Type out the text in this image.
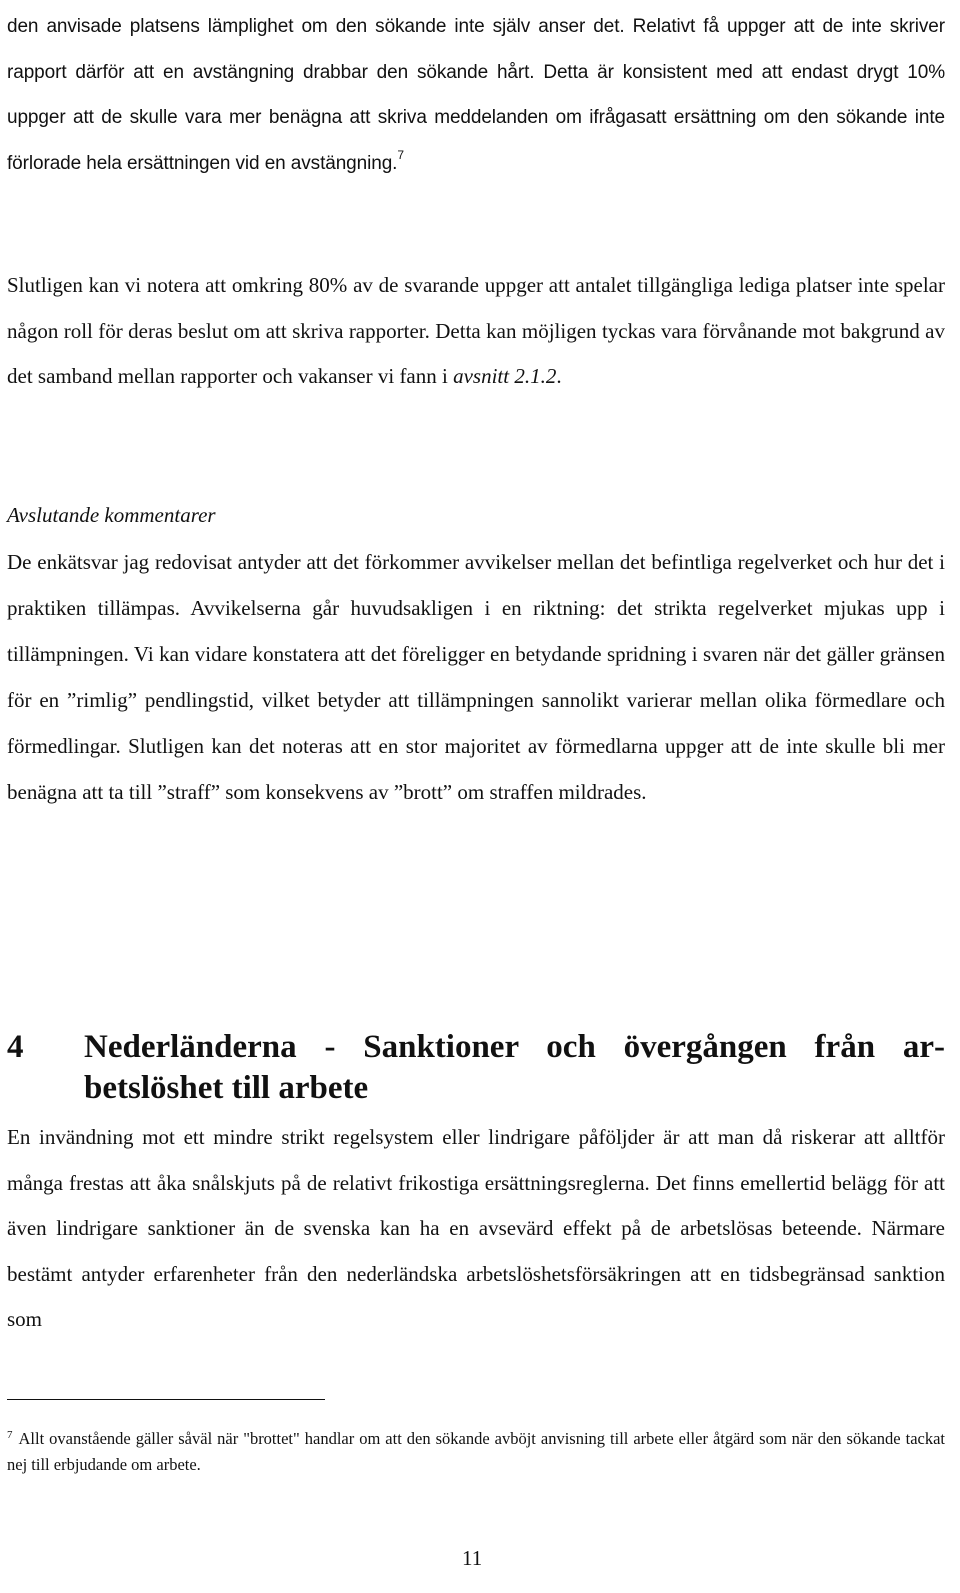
den anvisade platsens lämplighet om den sökande inte själv anser det. Relativt få uppger att de inte skriver rapport därför att en avstängning drabbar den sökande hårt. Detta är konsistent med att endast drygt 10% uppger att de skulle vara mer benägna att skriva meddelanden om ifrågasatt ersättning om den sökande inte förlorade hela ersättningen vid en avstängning.$^7$

Slutligen kan vi notera att omkring 80% av de svarande uppger att antalet tillgängliga lediga platser inte spelar någon roll för deras beslut om att skriva rapporter. Detta kan möjligen tyckas vara förvånande mot bakgrund av det samband mellan rapporter och vakanser vi fann i avsnitt 2.1.2.

Avslutande kommentarer

De enkätsvar jag redovisat antyder att det förkommer avvikelser mellan det befintliga regelverket och hur det i praktiken tillämpas. Avvikelserna går huvudsakligen i en riktning: det strikta regelverket mjukas upp i tillämpningen. Vi kan vidare konstatera att det föreligger en betydande spridning i svaren när det gäller gränsen för en ”rimlig” pendlingstid, vilket betyder att tillämpningen sannolikt varierar mellan olika förmedlare och förmedlingar. Slutligen kan det noteras att en stor majoritet av förmedlarna uppger att de inte skulle bli mer benägna att ta till ”straff” som konsekvens av ”brott” om straffen mildrades.

4 Nederländerna - Sanktioner och övergången från arbetslöshet till arbete

En invändning mot ett mindre strikt regelsystem eller lindrigare påföljder är att man då riskerar att alltför många frestas att åka snålskjuts på de relativt frikostiga ersättningsreglerna. Det finns emellertid belägg för att även lindrigare sanktioner än de svenska kan ha en avsevärd effekt på de arbetslösas beteende. Närmare bestämt antyder erfarenheter från den nederländska arbetslöshetsförsäkringen att en tidsbegränsad sanktion som

$^7$ Allt ovanstående gäller såväl när "brottet" handlar om att den sökande avböjt anvisning till arbete eller åtgärd som när den sökande tackat nej till erbjudande om arbete.

11
